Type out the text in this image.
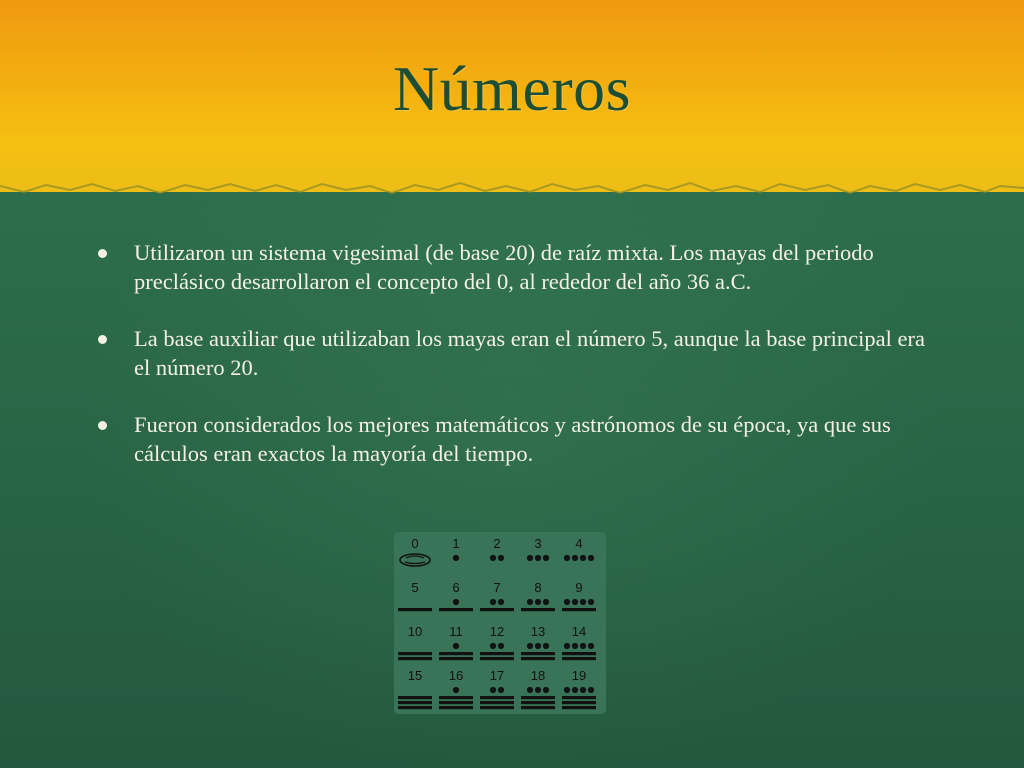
Números
Utilizaron un sistema vigesimal (de base 20) de raíz mixta. Los mayas del periodo preclásico desarrollaron el concepto del 0, al rededor del año 36 a.C.
La base auxiliar que utilizaban los mayas eran el número 5, aunque la base principal era el número 20.
Fueron considerados los mejores matemáticos y astrónomos de su época, ya que sus cálculos eran exactos la mayoría del tiempo.
0	1	2	3	4
5	6	7	8	9
10 11 12 13 14
15 16 17 18 19
